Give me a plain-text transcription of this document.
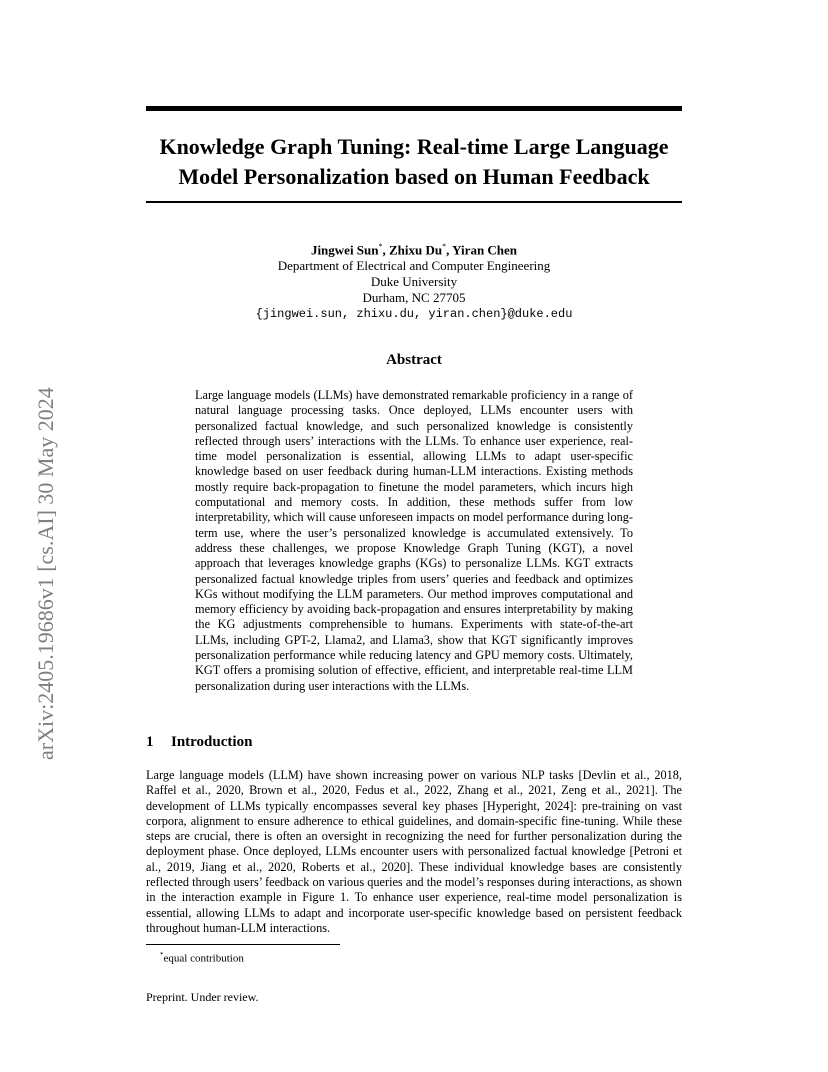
arXiv:2405.19686v1 [cs.AI] 30 May 2024
Knowledge Graph Tuning: Real-time Large Language Model Personalization based on Human Feedback
Jingwei Sun*, Zhixu Du*, Yiran Chen
Department of Electrical and Computer Engineering
Duke University
Durham, NC 27705
{jingwei.sun, zhixu.du, yiran.chen}@duke.edu
Abstract
Large language models (LLMs) have demonstrated remarkable proficiency in a range of natural language processing tasks. Once deployed, LLMs encounter users with personalized factual knowledge, and such personalized knowledge is consistently reflected through users’ interactions with the LLMs. To enhance user experience, real-time model personalization is essential, allowing LLMs to adapt user-specific knowledge based on user feedback during human-LLM interactions. Existing methods mostly require back-propagation to finetune the model parameters, which incurs high computational and memory costs. In addition, these methods suffer from low interpretability, which will cause unforeseen impacts on model performance during long-term use, where the user’s personalized knowledge is accumulated extensively. To address these challenges, we propose Knowledge Graph Tuning (KGT), a novel approach that leverages knowledge graphs (KGs) to personalize LLMs. KGT extracts personalized factual knowledge triples from users’ queries and feedback and optimizes KGs without modifying the LLM parameters. Our method improves computational and memory efficiency by avoiding back-propagation and ensures interpretability by making the KG adjustments comprehensible to humans. Experiments with state-of-the-art LLMs, including GPT-2, Llama2, and Llama3, show that KGT significantly improves personalization performance while reducing latency and GPU memory costs. Ultimately, KGT offers a promising solution of effective, efficient, and interpretable real-time LLM personalization during user interactions with the LLMs.
1 Introduction
Large language models (LLM) have shown increasing power on various NLP tasks [Devlin et al., 2018, Raffel et al., 2020, Brown et al., 2020, Fedus et al., 2022, Zhang et al., 2021, Zeng et al., 2021]. The development of LLMs typically encompasses several key phases [Hyperight, 2024]: pre-training on vast corpora, alignment to ensure adherence to ethical guidelines, and domain-specific fine-tuning. While these steps are crucial, there is often an oversight in recognizing the need for further personalization during the deployment phase. Once deployed, LLMs encounter users with personalized factual knowledge [Petroni et al., 2019, Jiang et al., 2020, Roberts et al., 2020]. These individual knowledge bases are consistently reflected through users’ feedback on various queries and the model’s responses during interactions, as shown in the interaction example in Figure 1. To enhance user experience, real-time model personalization is essential, allowing LLMs to adapt and incorporate user-specific knowledge based on persistent feedback throughout human-LLM interactions.
*equal contribution
Preprint. Under review.
